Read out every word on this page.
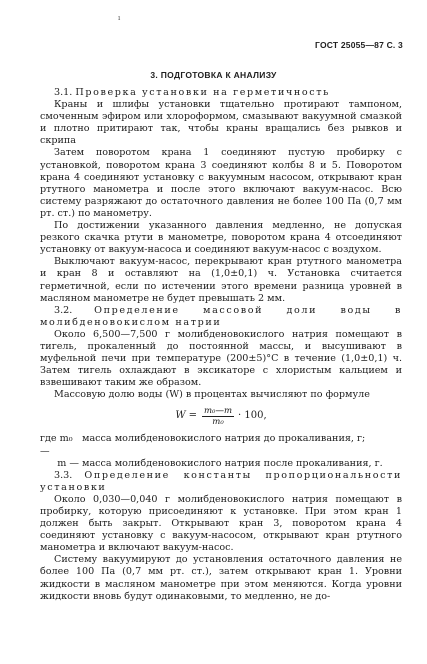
ı
ГОСТ 25055—87 С. 3
3. ПОДГОТОВКА К АНАЛИЗУ

3.1. Проверка установки на герметичность

Краны и шлифы установки тщательно протирают тампоном, смоченным эфиром или хлороформом, смазывают вакуумной смазкой и плотно притирают так, чтобы краны вращались без рывков и скрипа

Затем поворотом крана 1 соединяют пустую пробирку с установкой, поворотом крана 3 соединяют колбы 8 и 5. Поворотом крана 4 соединяют установку с вакуумным насосом, открывают кран ртутного манометра и после этого включают вакуум-насос. Всю систему разряжают до остаточного давления не более 100 Па (0,7 мм рт. ст.) по манометру.

По достижении указанного давления медленно, не допуская резкого скачка ртути в манометре, поворотом крана 4 отсоединяют установку от вакуум-насоса и соединяют вакуум-насос с воздухом.

Выключают вакуум-насос, перекрывают кран ртутного манометра и кран 8 и оставляют на (1,0±0,1) ч. Установка считается герметичной, если по истечении этого времени разница уровней в масляном манометре не будет превышать 2 мм.

3.2. Определение массовой доли воды в молибденовокислом натрии

Около 6,500—7,500 г молибденовокислого натрия помещают в тигель, прокаленный до постоянной массы, и высушивают в муфельной печи при температуре (200±5)°С в течение (1,0±0,1) ч. Затем тигель охлаждают в эксикаторе с хлористым кальцием и взвешивают таким же образом.

Массовую долю воды (W) в процентах вычисляют по формуле

$W = \frac{\text{m₀—m}}{\text{m₀}} \cdot 100$,
где m₀ —
масса молибденовокислого натрия до прокаливания, г;
m — масса молибденовокислого натрия после прокаливания, г.

3.3. Определение константы пропорциональности установки

Около 0,030—0,040 г молибденовокислого натрия помещают в пробирку, которую присоединяют к установке. При этом кран 1 должен быть закрыт. Открывают кран 3, поворотом крана 4 соединяют установку с вакуум-насосом, открывают кран ртутного манометра и включают вакуум-насос.

Систему вакуумируют до установления остаточного давления не более 100 Па (0,7 мм рт. ст.), затем открывают кран 1. Уровни жидкости в масляном манометре при этом меняются. Когда уровни жидкости вновь будут одинаковыми, то медленно, не до-
